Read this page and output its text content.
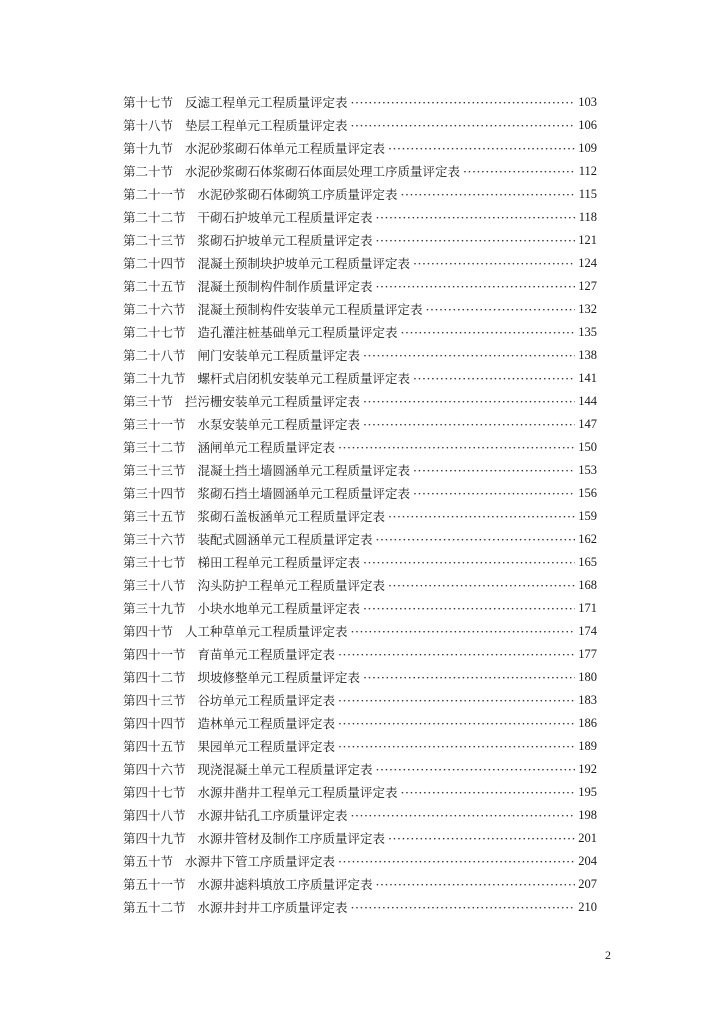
第十七节 反滤工程单元工程质量评定表 ·····	103
第十八节 垫层工程单元工程质量评定表 ·····	106
第十九节 水泥砂浆砌石体单元工程质量评定表 ·····	109
第二十节 水泥砂浆砌石体浆砌石体面层处理工序质量评定表 ·····	112
第二十一节 水泥砂浆砌石体砌筑工序质量评定表 ·····	115
第二十二节 干砌石护坡单元工程质量评定表 ·····	118
第二十三节 浆砌石护坡单元工程质量评定表 ·····	121
第二十四节 混凝土预制块护坡单元工程质量评定表 ·····	124
第二十五节 混凝土预制构件制作质量评定表 ·····	127
第二十六节 混凝土预制构件安装单元工程质量评定表 ·····	132
第二十七节 造孔灌注桩基础单元工程质量评定表 ·····	135
第二十八节 闸门安装单元工程质量评定表 ·····	138
第二十九节 螺杆式启闭机安装单元工程质量评定表 ·····	141
第三十节 拦污栅安装单元工程质量评定表 ·····	144
第三十一节 水泵安装单元工程质量评定表 ·····	147
第三十二节 涵闸单元工程质量评定表 ·····	150
第三十三节 混凝土挡土墙圆涵单元工程质量评定表 ·····	153
第三十四节 浆砌石挡土墙圆涵单元工程质量评定表 ·····	156
第三十五节 浆砌石盖板涵单元工程质量评定表 ·····	159
第三十六节 装配式圆涵单元工程质量评定表 ·····	162
第三十七节 梯田工程单元工程质量评定表 ·····	165
第三十八节 沟头防护工程单元工程质量评定表 ·····	168
第三十九节 小块水地单元工程质量评定表 ·····	171
第四十节 人工种草单元工程质量评定表 ·····	174
第四十一节 育苗单元工程质量评定表 ·····	177
第四十二节 坝坡修整单元工程质量评定表 ·····	180
第四十三节 谷坊单元工程质量评定表 ·····	183
第四十四节 造林单元工程质量评定表 ·····	186
第四十五节 果园单元工程质量评定表 ·····	189
第四十六节 现浇混凝土单元工程质量评定表 ·····	192
第四十七节 水源井凿井工程单元工程质量评定表 ·····	195
第四十八节 水源井钻孔工序质量评定表 ·····	198
第四十九节 水源井管材及制作工序质量评定表 ·····	201
第五十节 水源井下管工序质量评定表 ·····	204
第五十一节 水源井滤料填放工序质量评定表 ·····	207
第五十二节 水源井封井工序质量评定表 ·····	210
2
